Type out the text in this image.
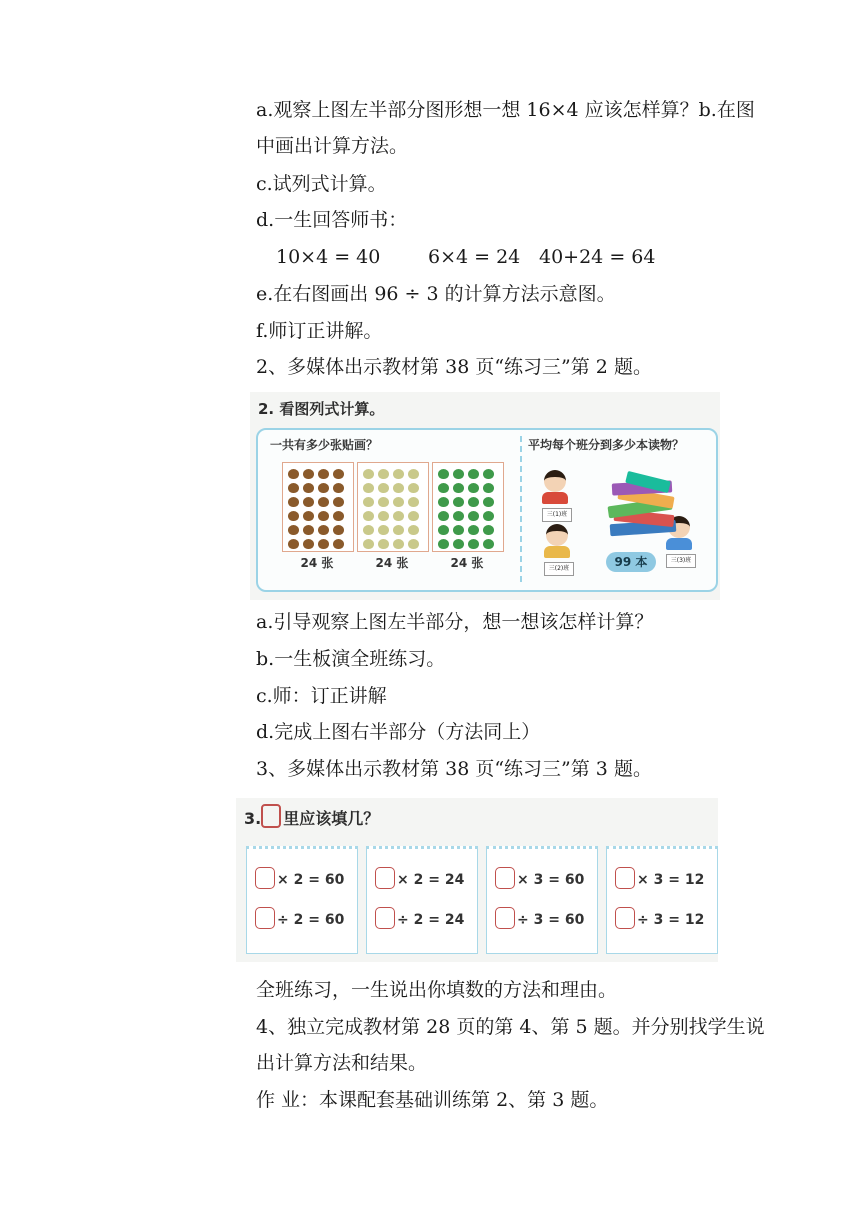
a.观察上图左半部分图形想一想 16×4 应该怎样算？b.在图
中画出计算方法。
c.试列式计算。
d.一生回答师书：
10×4 = 40	6×4 = 24 40+24 = 64
e.在右图画出 96 ÷ 3 的计算方法示意图。
f.师订正讲解。
2、多媒体出示教材第 38 页“练习三”第 2 题。
2. 看图列式计算。
一共有多少张贴画？	平均每个班分到多少本读物？
24 张	24 张	24 张
三(1)班
三(2)班
三(3)班
99 本
a.引导观察上图左半部分，想一想该怎样计算？
b.一生板演全班练习。
c.师：订正讲解
d.完成上图右半部分（方法同上）
3、多媒体出示教材第 38 页“练习三”第 3 题。
3. 里应该填几？
× 2 = 60
÷ 2 = 60
× 2 = 24
÷ 2 = 24
× 3 = 60
÷ 3 = 60
× 3 = 12
÷ 3 = 12
全班练习，一生说出你填数的方法和理由。
4、独立完成教材第 28 页的第 4、第 5 题。并分别找学生说
出计算方法和结果。
作 业：本课配套基础训练第 2、第 3 题。
